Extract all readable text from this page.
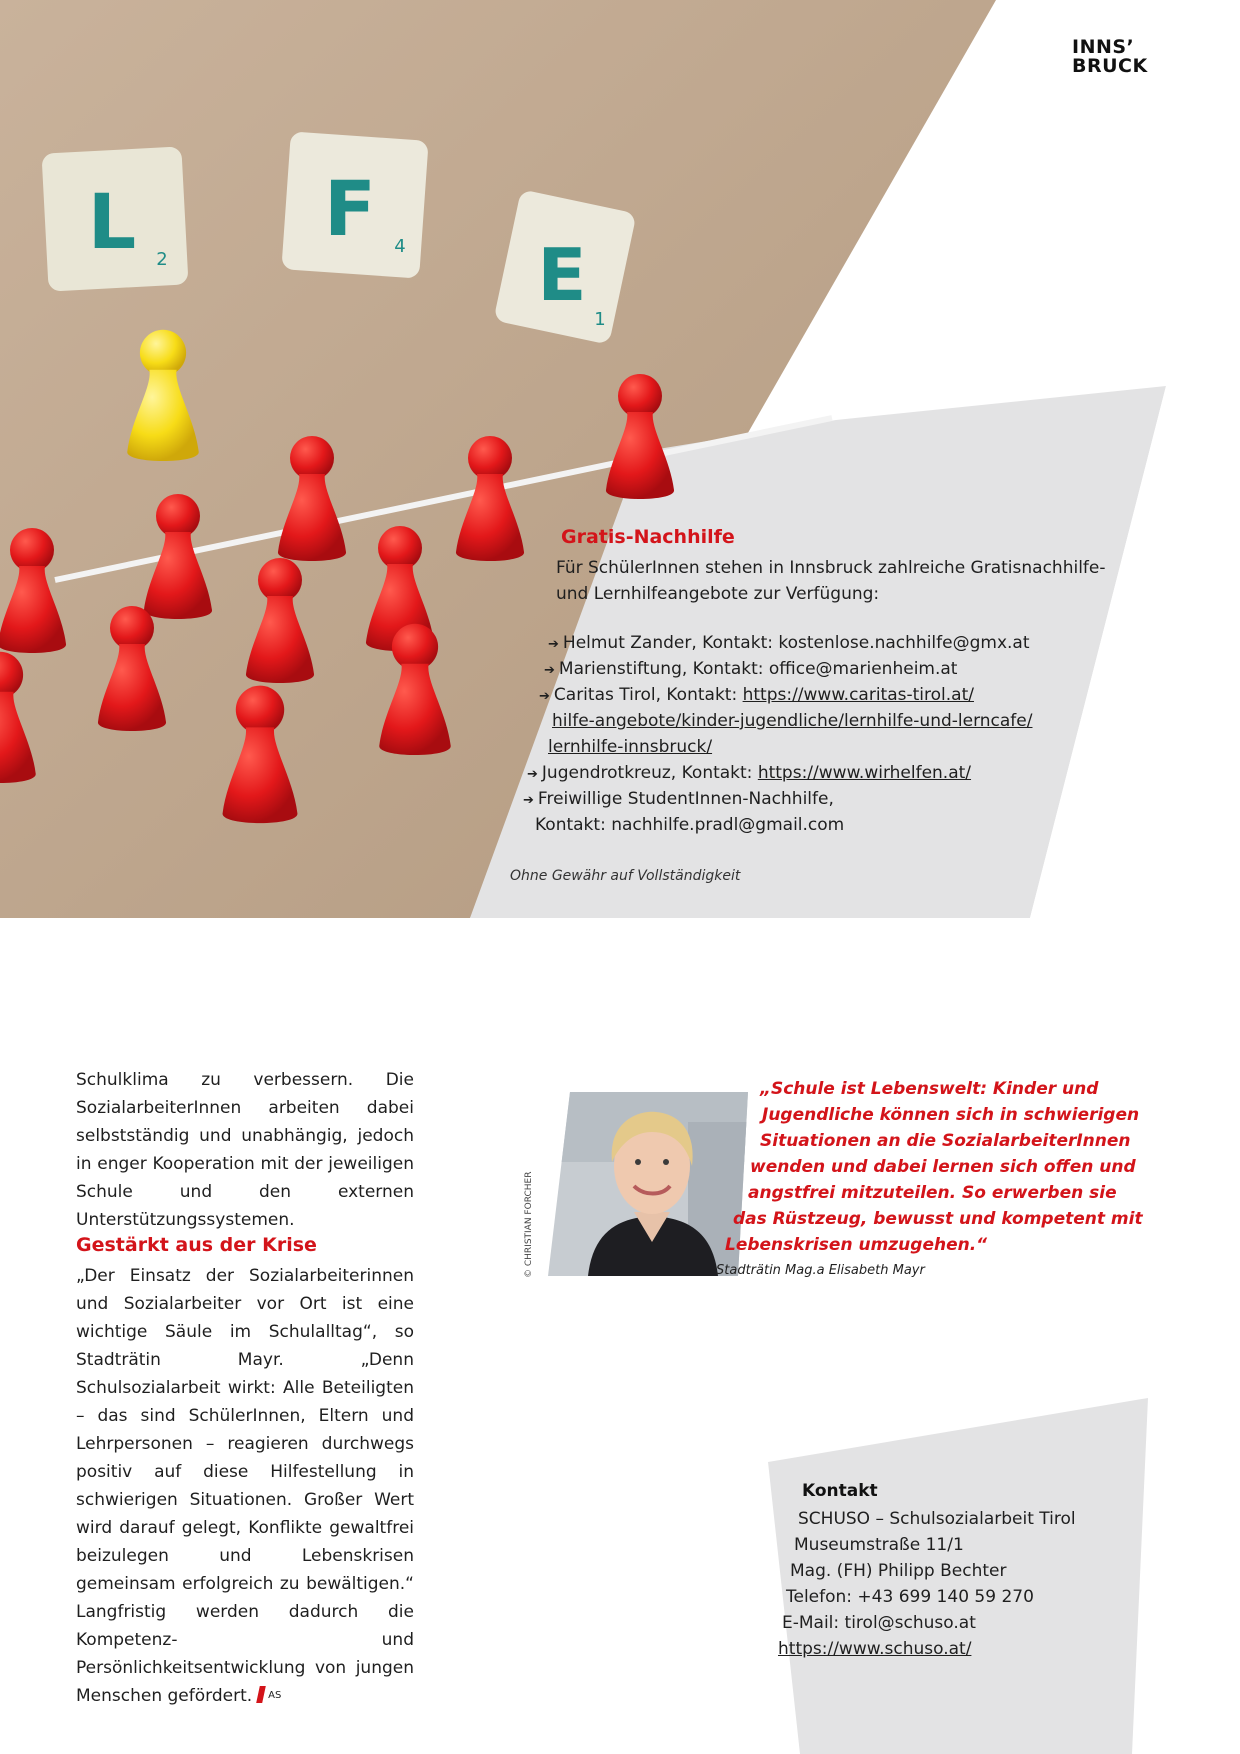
L 2
F 4 E
1
INNS’
BRUCK
Gratis-Nachhilfe
Für SchülerInnen stehen in Innsbruck zahlreiche Gratisnachhilfe- und Lernhilfeangebote zur Verfügung:
➔ Helmut Zander, Kontakt: kostenlose.nachhilfe@gmx.at
➔ Marienstiftung, Kontakt: office@marienheim.at
➔ Caritas Tirol, Kontakt: https://www.caritas-tirol.at/
hilfe-angebote/kinder-jugendliche/lernhilfe-und-lerncafe/
lernhilfe-innsbruck/
➔ Jugendrotkreuz, Kontakt: https://www.wirhelfen.at/
➔ Freiwillige StudentInnen-Nachhilfe,
Kontakt: nachhilfe.pradl@gmail.com
Ohne Gewähr auf Vollständigkeit
Schulklima zu verbessern. Die SozialarbeiterInnen arbeiten dabei selbstständig und unabhängig, jedoch in enger Kooperation mit der jeweiligen Schule und den externen Unterstützungssystemen.
Gestärkt aus der Krise
„Der Einsatz der Sozialarbeiterinnen und Sozialarbeiter vor Ort ist eine wichtige Säule im Schulalltag“, so Stadträtin Mayr. „Denn Schulsozialarbeit wirkt: Alle Beteiligten – das sind SchülerInnen, Eltern und Lehrpersonen – reagieren durchwegs positiv auf diese Hilfestellung in schwierigen Situationen. Großer Wert wird darauf gelegt, Konflikte gewaltfrei beizulegen und Lebenskrisen gemeinsam erfolgreich zu bewältigen.“ Langfristig werden dadurch die Kompetenz- und Persönlichkeitsentwicklung von jungen Menschen gefördert. $^{AS}$
© CHRISTIAN FORCHER
„Schule ist Lebenswelt: Kinder und
Jugendliche können sich in schwierigen
Situationen an die SozialarbeiterInnen
wenden und dabei lernen sich offen und
angstfrei mitzuteilen. So erwerben sie
das Rüstzeug, bewusst und kompetent mit
Lebenskrisen umzugehen.“
Stadträtin Mag.a Elisabeth Mayr
Kontakt
SCHUSO – Schulsozialarbeit Tirol
Museumstraße 11/1
Mag. (FH) Philipp Bechter
Telefon: +43 699 140 59 270
E-Mail: tirol@schuso.at
https://www.schuso.at/
